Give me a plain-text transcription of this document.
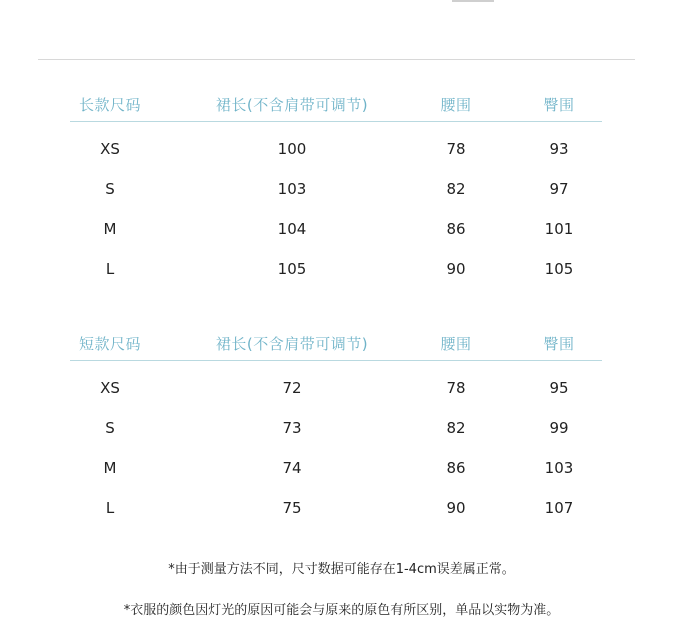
长款尺码	裙长(不含肩带可调节)	腰围	臀围
XS	100	78	93
S	103	82	97
M	104	86	101
L	105	90	105
短款尺码	裙长(不含肩带可调节)	腰围	臀围
XS	72	78	95
S	73	82	99
M	74	86	103
L	75	90	107
*由于测量方法不同，尺寸数据可能存在1-4cm误差属正常。
*衣服的颜色因灯光的原因可能会与原来的原色有所区别，单品以实物为准。
